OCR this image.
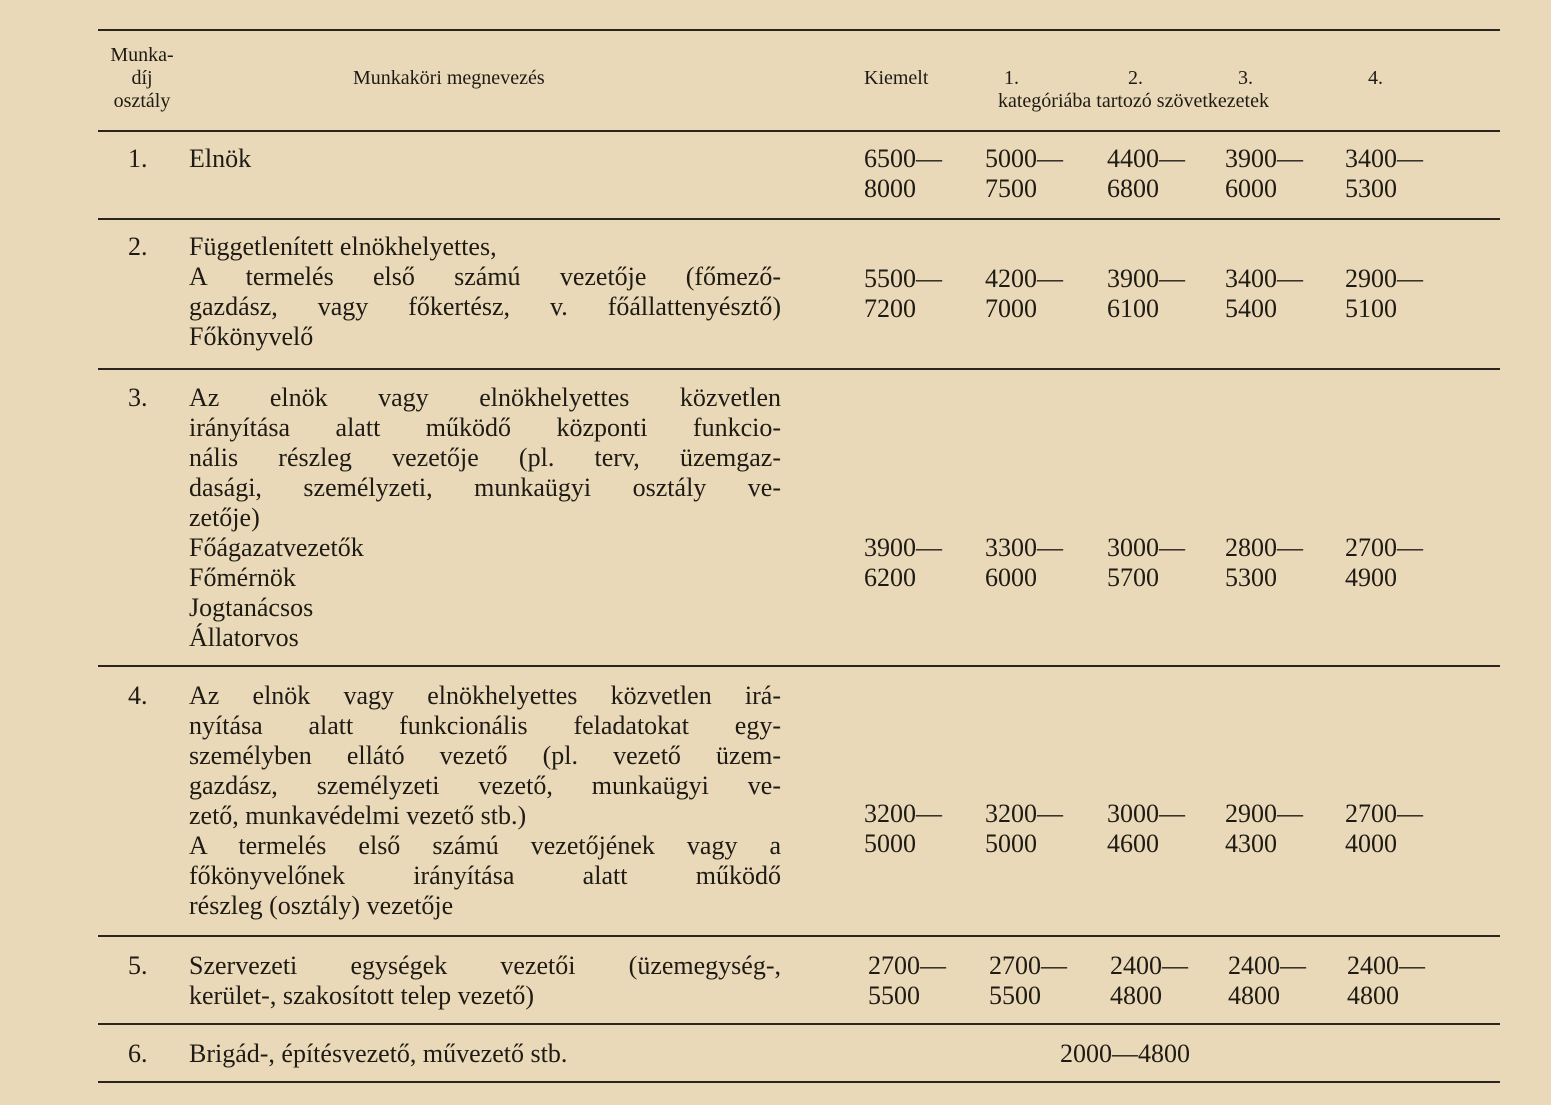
Munka-
díj
osztály
Munkaköri megnevezés	Kiemelt	1.	2.	3.	4.
kategóriába tartozó szövetkezetek
1. Elnök	6500— 5000— 4400— 3900— 3400—
8000	7500	6800	6000	5300
2. Függetlenített elnökhelyettes,
A termelés első számú vezetője (főmező-
gazdász, vagy főkertész, v. főállattenyésztő)
Főkönyvelő
5500— 4200— 3900— 3400— 2900—
7200	7000	6100	5400	5100
3. Az elnök vagy elnökhelyettes közvetlen
irányítása alatt működő központi funkcio-
nális részleg vezetője (pl. terv, üzemgaz-
dasági, személyzeti, munkaügyi osztály ve-
zetője)
Főágazatvezetők
Főmérnök
Jogtanácsos
Állatorvos
3900— 3300— 3000— 2800— 2700—
6200	6000	5700	5300	4900
4. Az elnök vagy elnökhelyettes közvetlen irá-
nyítása alatt funkcionális feladatokat egy-
személyben ellátó vezető (pl. vezető üzem-
gazdász, személyzeti vezető, munkaügyi ve-
zető, munkavédelmi vezető stb.)
A termelés első számú vezetőjének vagy a
főkönyvelőnek irányítása alatt működő
részleg (osztály) vezetője
3200— 3200— 3000— 2900— 2700—
5000	5000	4600	4300	4000
5. Szervezeti egységek vezetői (üzemegység-,
kerület-, szakosított telep vezető)
2700— 2700— 2400— 2400— 2400—
5500	5500	4800	4800	4800
6. Brigád-, építésvezető, művezető stb.	2000—4800
